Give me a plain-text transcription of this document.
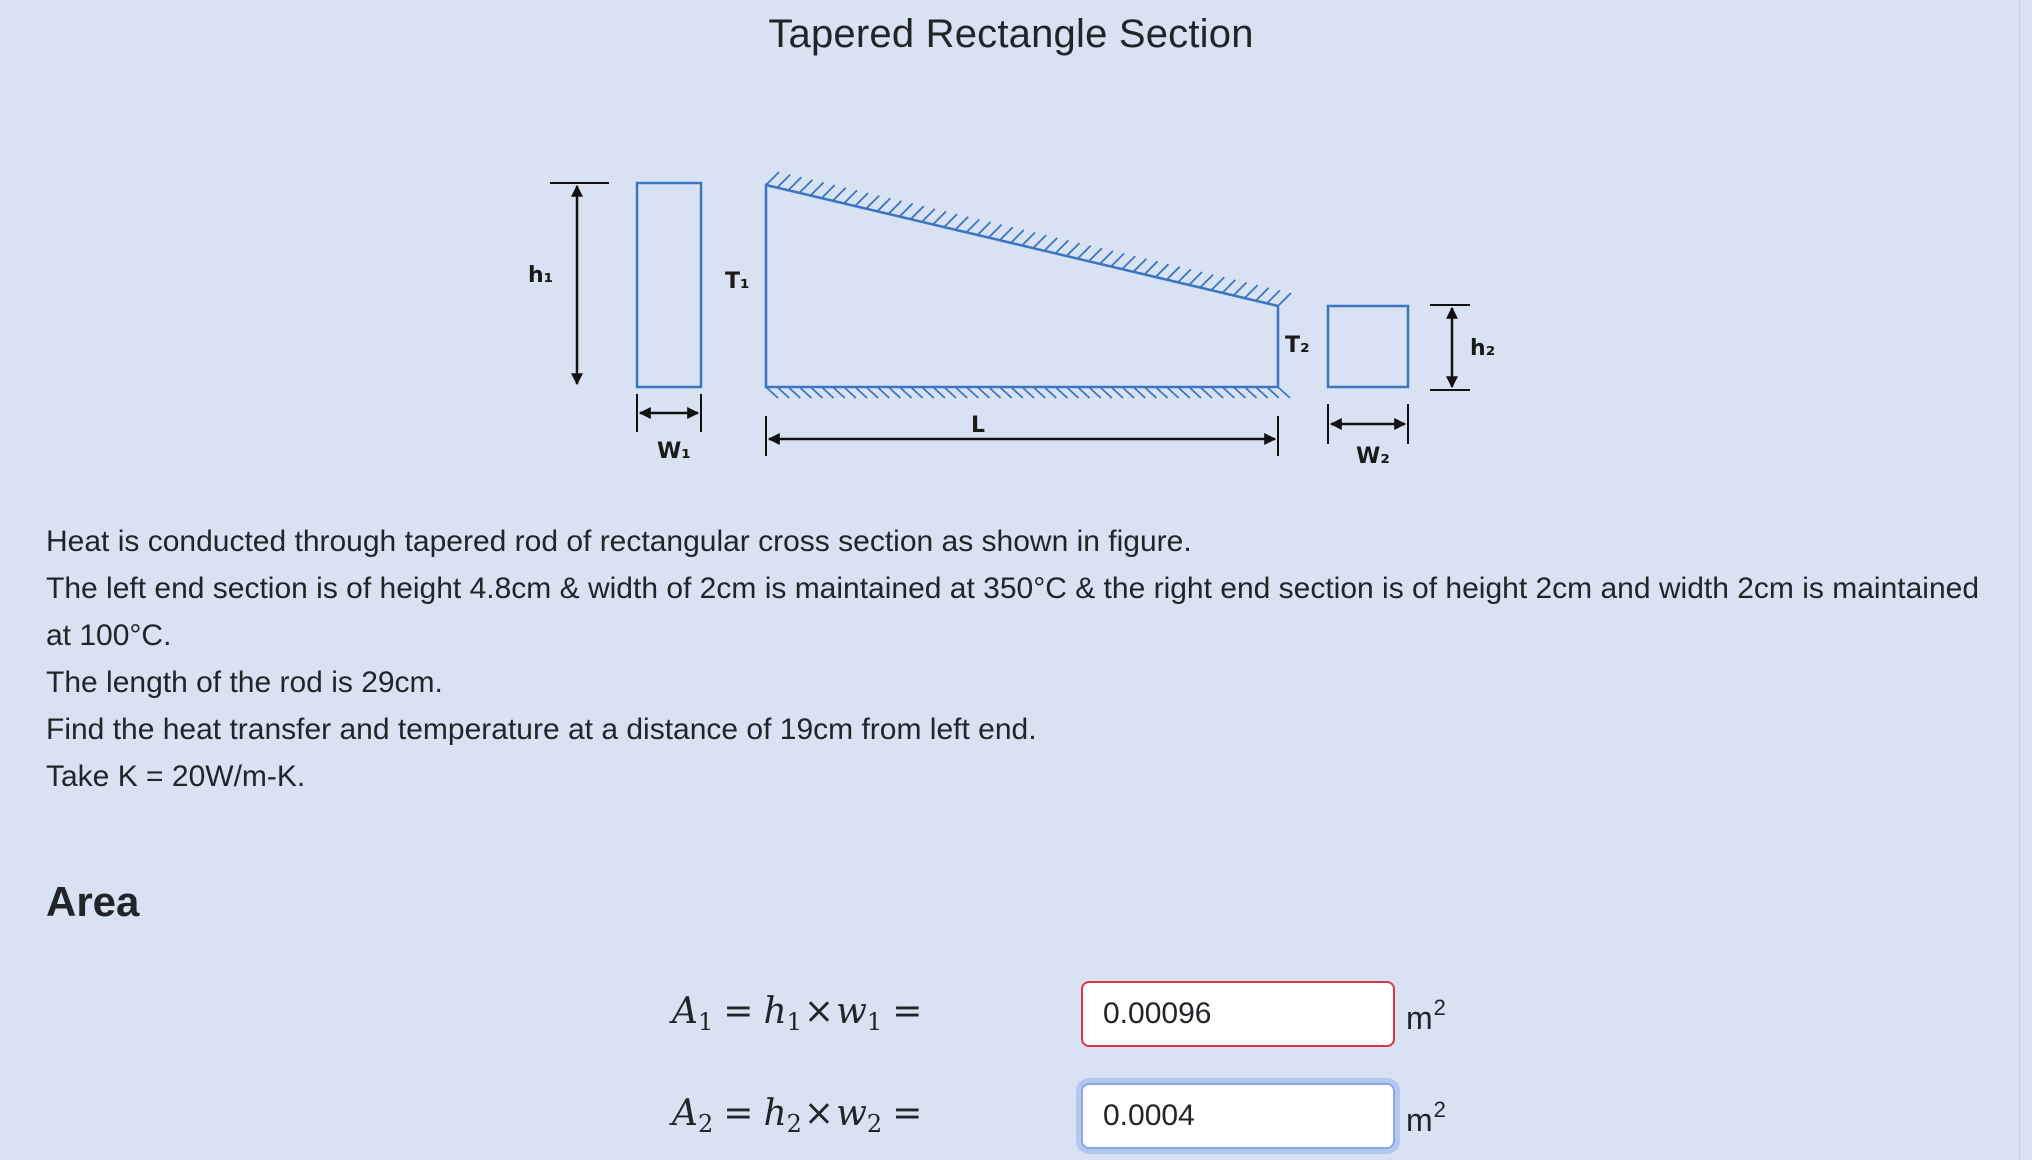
Tapered Rectangle Section
h₁
W₁
T₁
L
T₂
W₂
h₂

Heat is conducted through tapered rod of rectangular cross section as shown in figure.

The left end section is of height 4.8cm & width of 2cm is maintained at 350°C & the right end section is of height 2cm and width 2cm is maintained at 100°C.

The length of the rod is 29cm.

Find the heat transfer and temperature at a distance of 19cm from left end.

Take K = 20W/m-K.

Area
$A_1 = h_1\times w_1$ =
0.00096	$m^2$
$A_2 = h_2\times w_2$ =
0.0004	$m^2$
